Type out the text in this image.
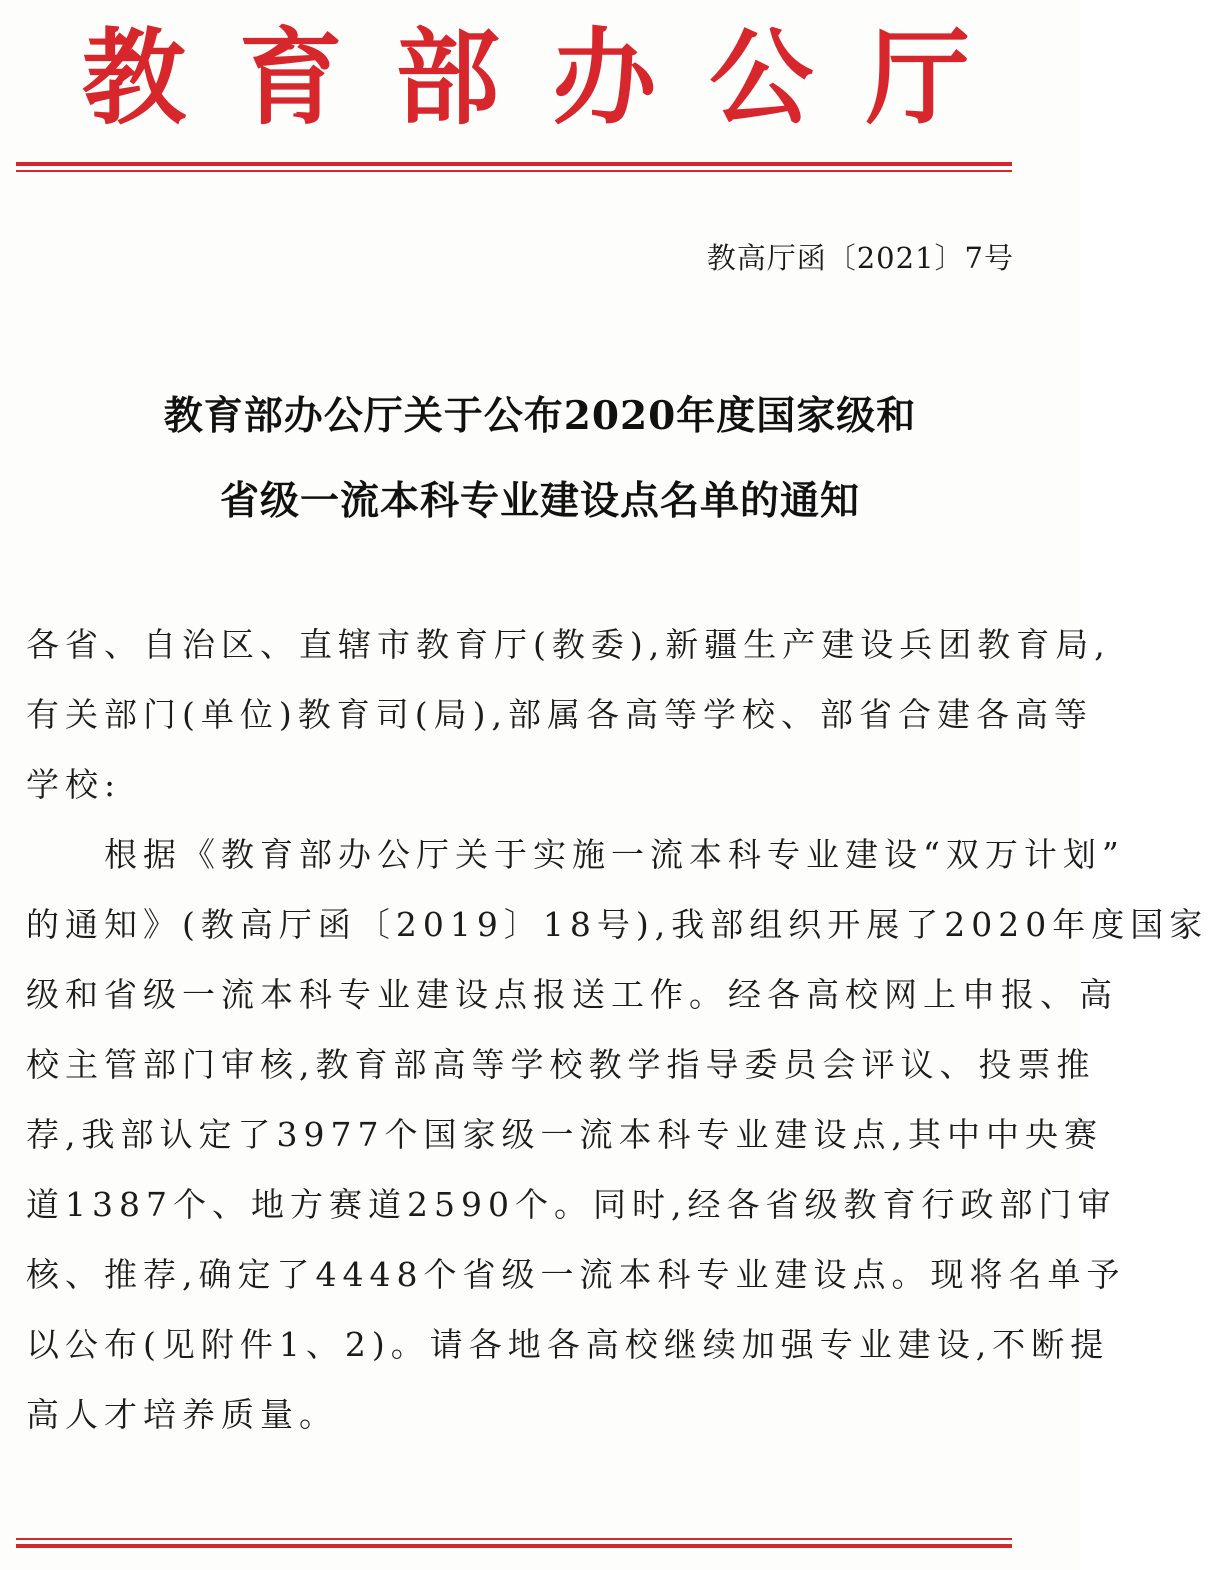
教 育 部 办 公 厅
教高厅函〔2021〕7号
教育部办公厅关于公布2020年度国家级和
省级一流本科专业建设点名单的通知
各省、自治区、直辖市教育厅(教委),新疆生产建设兵团教育局,
有关部门(单位)教育司(局),部属各高等学校、部省合建各高等
学校:
　　根据《教育部办公厅关于实施一流本科专业建设“双万计划”
的通知》(教高厅函〔2019〕18号),我部组织开展了2020年度国家
级和省级一流本科专业建设点报送工作。经各高校网上申报、高
校主管部门审核,教育部高等学校教学指导委员会评议、投票推
荐,我部认定了3977个国家级一流本科专业建设点,其中中央赛
道1387个、地方赛道2590个。同时,经各省级教育行政部门审
核、推荐,确定了4448个省级一流本科专业建设点。现将名单予
以公布(见附件1、2)。请各地各高校继续加强专业建设,不断提
高人才培养质量。
